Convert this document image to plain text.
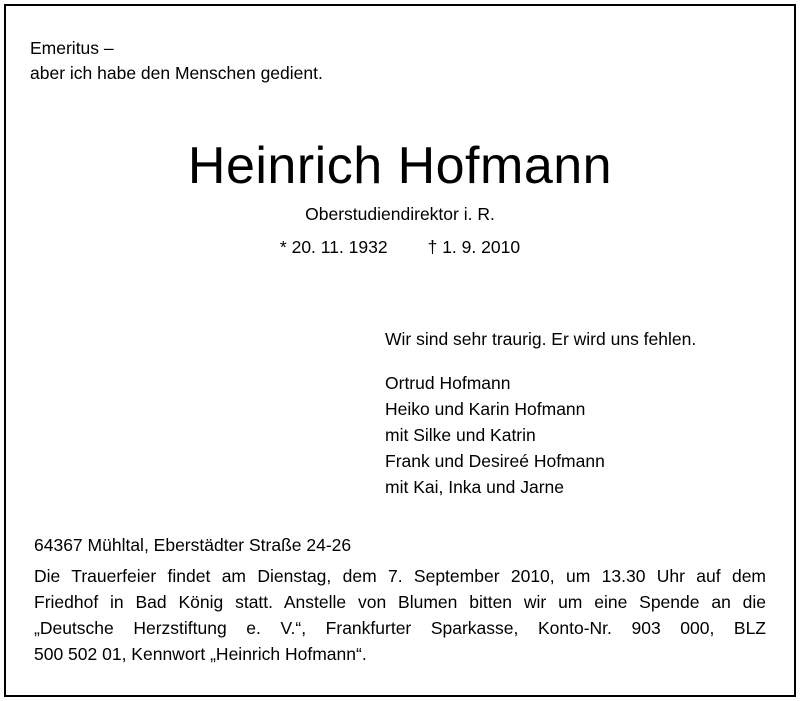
Emeritus –
aber ich habe den Menschen gedient.
Heinrich Hofmann
Oberstudiendirektor i. R.
* 20. 11. 1932 † 1. 9. 2010
Wir sind sehr traurig. Er wird uns fehlen.
Ortrud Hofmann
Heiko und Karin Hofmann
mit Silke und Katrin
Frank und Desireé Hofmann
mit Kai, Inka und Jarne
64367 Mühltal, Eberstädter Straße 24-26
Die Trauerfeier findet am Dienstag, dem 7. September 2010, um 13.30 Uhr auf dem
Friedhof in Bad König statt. Anstelle von Blumen bitten wir um eine Spende an die
„Deutsche Herzstiftung e. V.“, Frankfurter Sparkasse, Konto-Nr. 903 000, BLZ
500 502 01, Kennwort „Heinrich Hofmann“.
